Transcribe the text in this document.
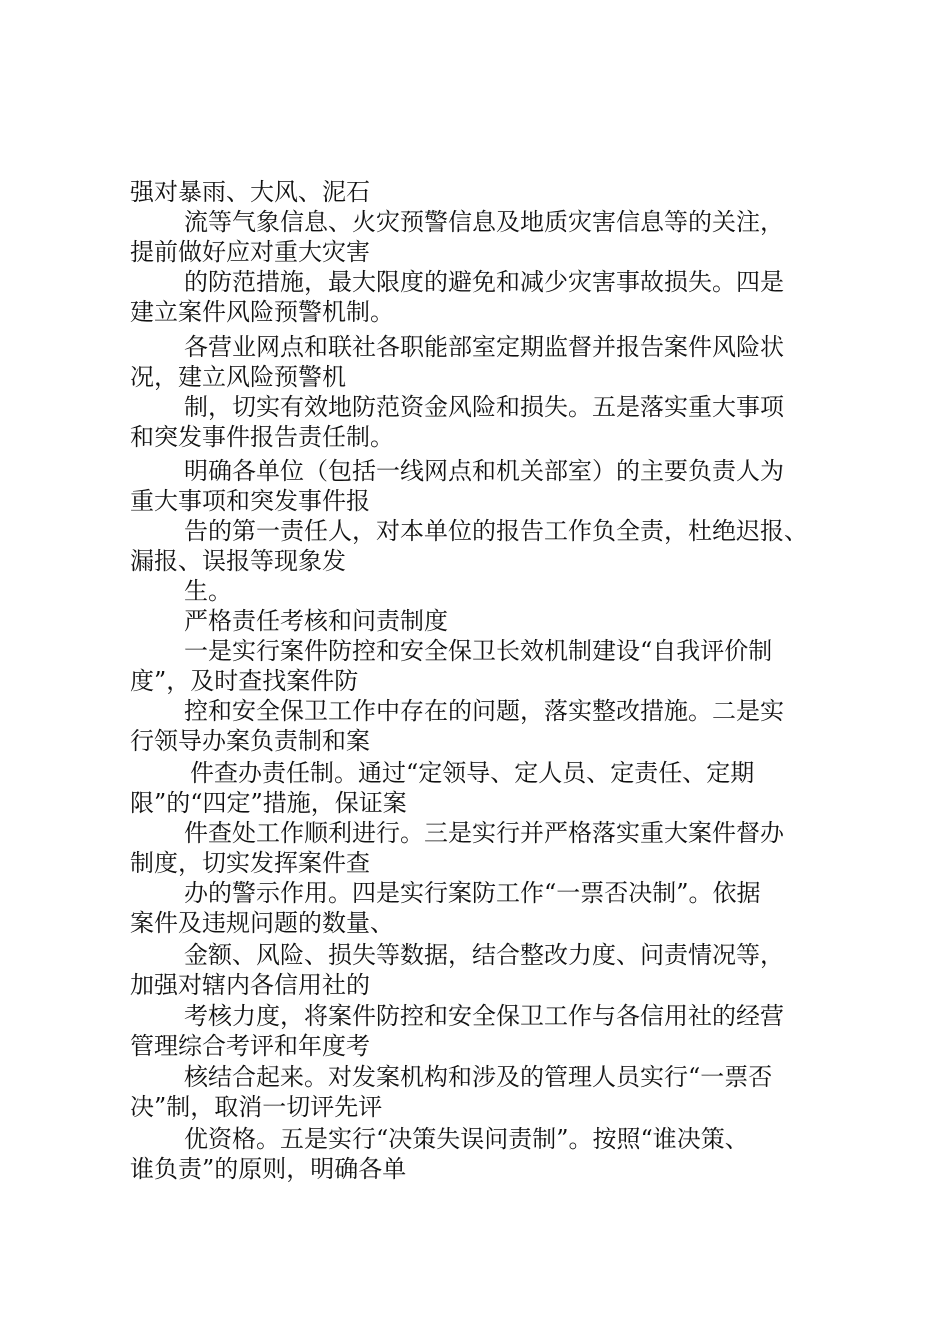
强对暴雨、大风、泥石
流等气象信息、火灾预警信息及地质灾害信息等的关注，
提前做好应对重大灾害
的防范措施，最大限度的避免和减少灾害事故损失。四是
建立案件风险预警机制。
各营业网点和联社各职能部室定期监督并报告案件风险状
况，建立风险预警机
制，切实有效地防范资金风险和损失。五是落实重大事项
和突发事件报告责任制。
明确各单位（包括一线网点和机关部室）的主要负责人为
重大事项和突发事件报
告的第一责任人，对本单位的报告工作负全责，杜绝迟报、
漏报、误报等现象发
生。
严格责任考核和问责制度
一是实行案件防控和安全保卫长效机制建设“自我评价制
度”，及时查找案件防
控和安全保卫工作中存在的问题，落实整改措施。二是实
行领导办案负责制和案
件查办责任制。通过“定领导、定人员、定责任、定期
限”的“四定”措施，保证案
件查处工作顺利进行。三是实行并严格落实重大案件督办
制度，切实发挥案件查
办的警示作用。四是实行案防工作“一票否决制”。依据
案件及违规问题的数量、
金额、风险、损失等数据，结合整改力度、问责情况等，
加强对辖内各信用社的
考核力度，将案件防控和安全保卫工作与各信用社的经营
管理综合考评和年度考
核结合起来。对发案机构和涉及的管理人员实行“一票否
决”制，取消一切评先评
优资格。五是实行“决策失误问责制”。按照“谁决策、
谁负责”的原则，明确各单
